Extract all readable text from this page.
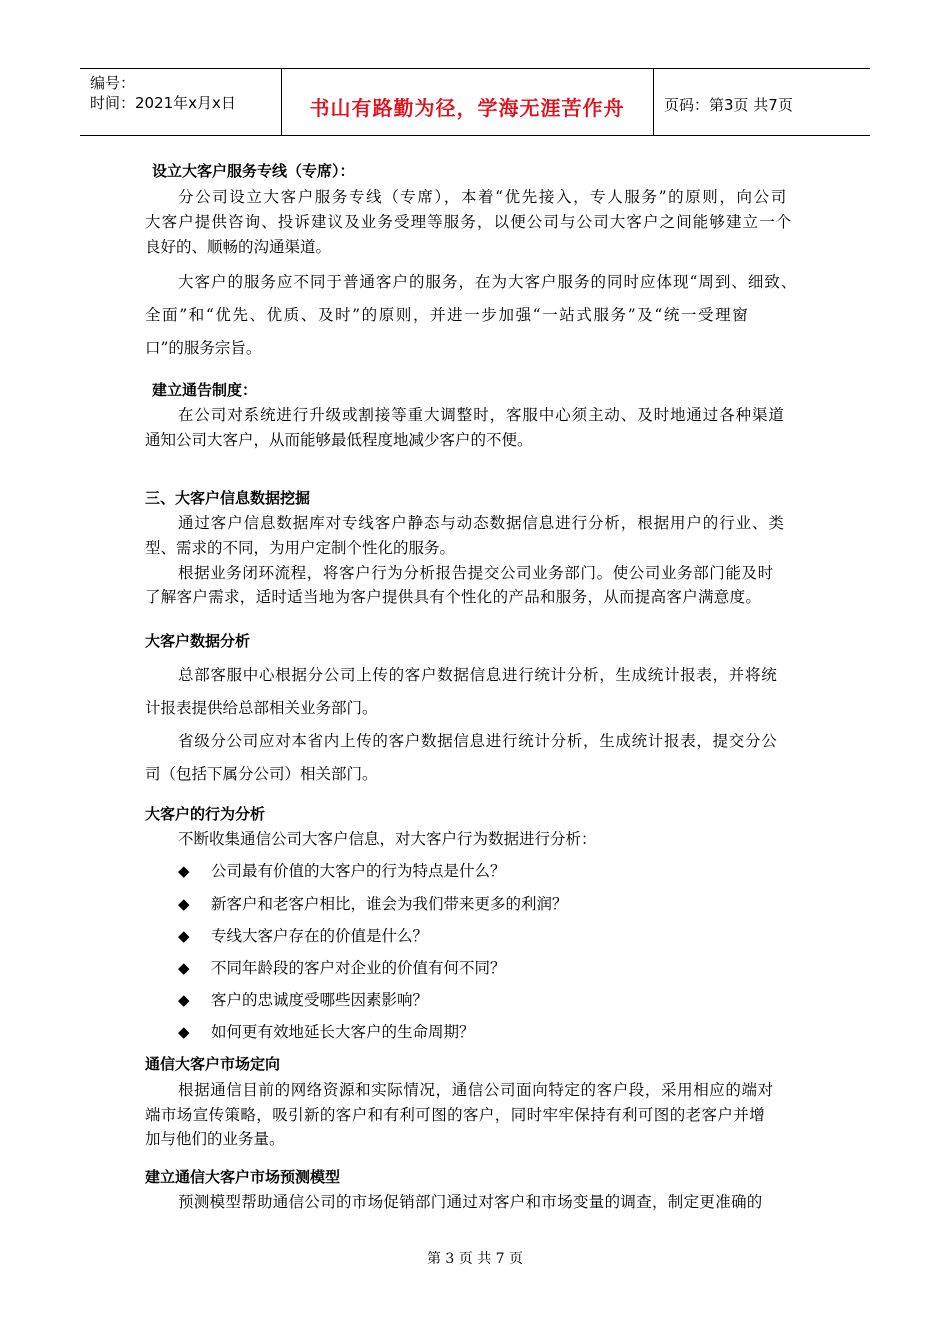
编号：
时间：2021年x月x日	书山有路勤为径，学海无涯苦作舟	页码：第3页 共7页
设立大客户服务专线（专席）：
分公司设立大客户服务专线（专席），本着“优先接入，专人服务”的原则，向公司
大客户提供咨询、投诉建议及业务受理等服务，以便公司与公司大客户之间能够建立一个
良好的、顺畅的沟通渠道。
大客户的服务应不同于普通客户的服务，在为大客户服务的同时应体现“周到、细致、
全面”和“优先、优质、及时”的原则，并进一步加强“一站式服务”及“统一受理窗
口”的服务宗旨。
建立通告制度：
在公司对系统进行升级或割接等重大调整时，客服中心须主动、及时地通过各种渠道
通知公司大客户，从而能够最低程度地减少客户的不便。
三、大客户信息数据挖掘
通过客户信息数据库对专线客户静态与动态数据信息进行分析，根据用户的行业、类
型、需求的不同，为用户定制个性化的服务。
根据业务闭环流程，将客户行为分析报告提交公司业务部门。使公司业务部门能及时
了解客户需求，适时适当地为客户提供具有个性化的产品和服务，从而提高客户满意度。
大客户数据分析
总部客服中心根据分公司上传的客户数据信息进行统计分析，生成统计报表，并将统
计报表提供给总部相关业务部门。
省级分公司应对本省内上传的客户数据信息进行统计分析，生成统计报表，提交分公
司（包括下属分公司）相关部门。
大客户的行为分析
不断收集通信公司大客户信息，对大客户行为数据进行分析：
◆ 公司最有价值的大客户的行为特点是什么？
◆ 新客户和老客户相比，谁会为我们带来更多的利润？
◆ 专线大客户存在的价值是什么？
◆ 不同年龄段的客户对企业的价值有何不同？
◆ 客户的忠诚度受哪些因素影响？
◆ 如何更有效地延长大客户的生命周期？
通信大客户市场定向
根据通信目前的网络资源和实际情况，通信公司面向特定的客户段，采用相应的端对
端市场宣传策略，吸引新的客户和有利可图的客户，同时牢牢保持有利可图的老客户并增
加与他们的业务量。
建立通信大客户市场预测模型
预测模型帮助通信公司的市场促销部门通过对客户和市场变量的调查，制定更准确的
第 3 页 共 7 页
